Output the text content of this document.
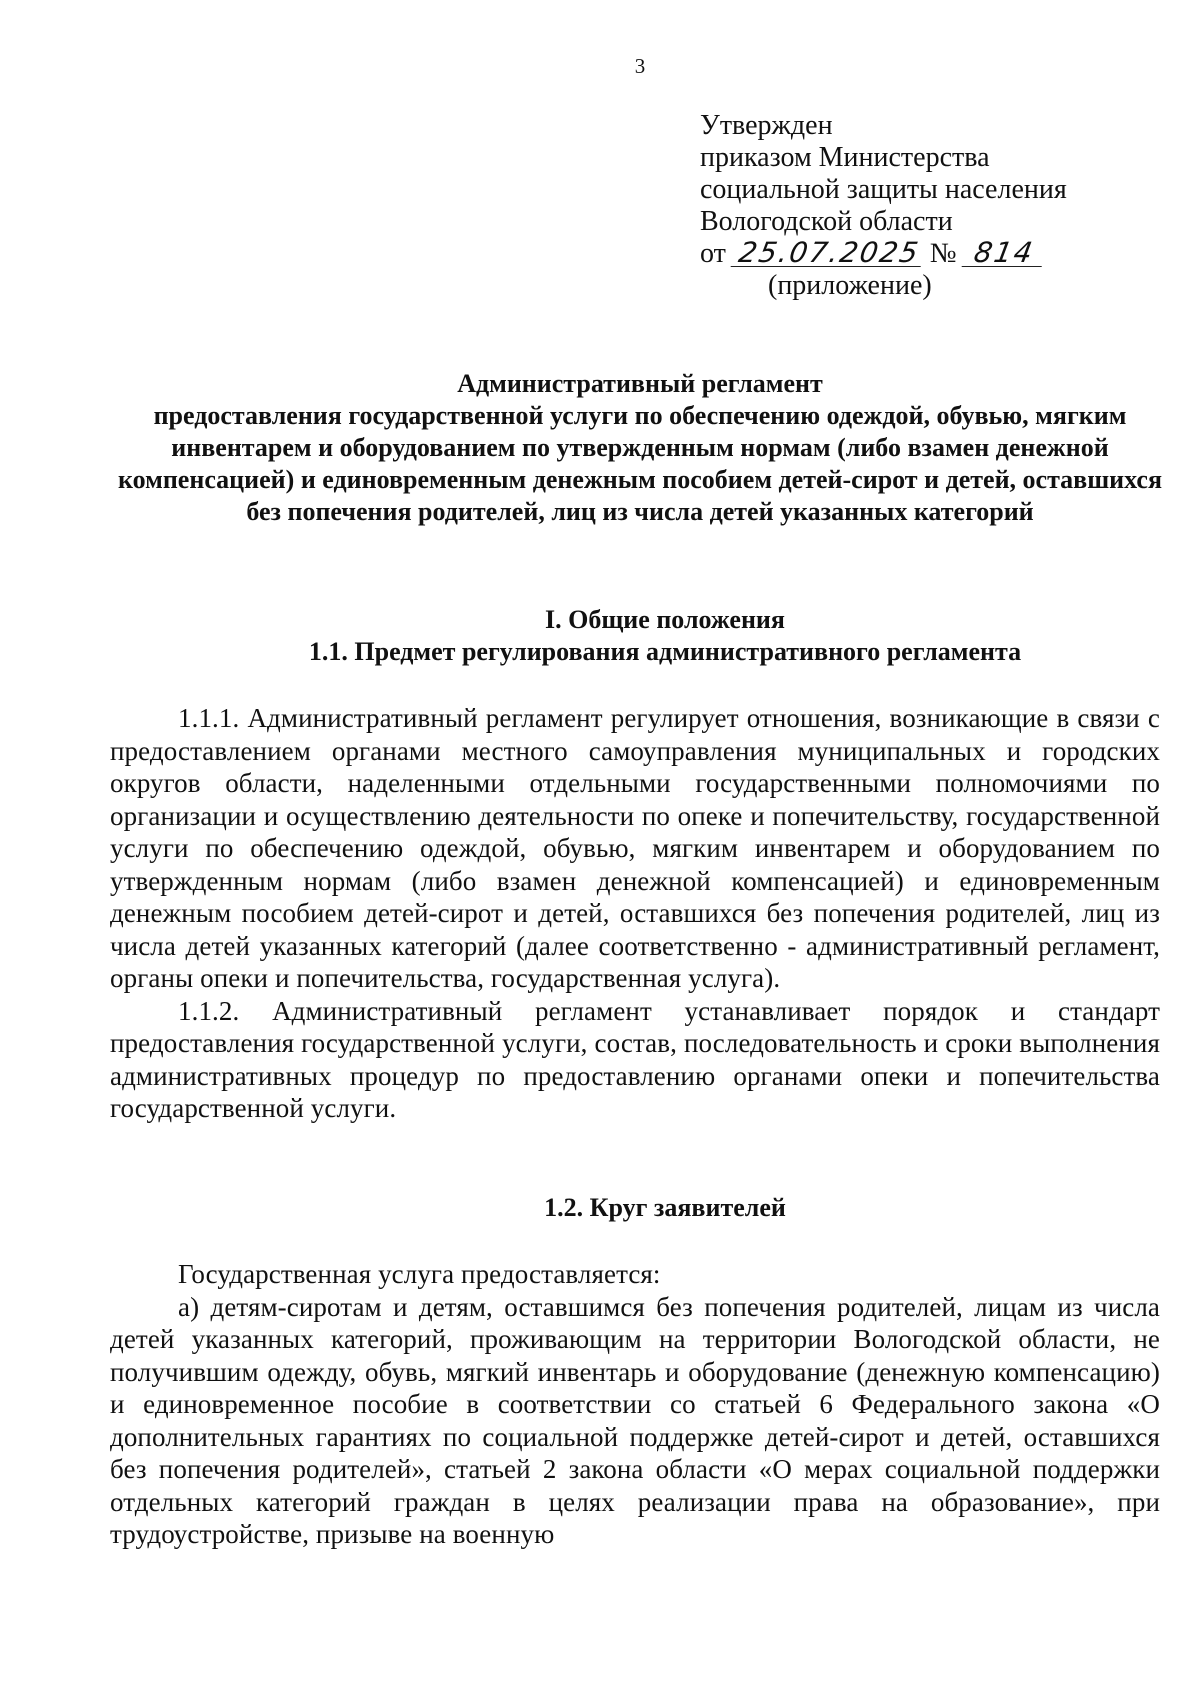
3
Утвержден
приказом Министерства
социальной защиты населения
Вологодской области
от 25.07.2025 № 814
(приложение)
Административный регламент
предоставления государственной услуги по обеспечению одеждой, обувью, мягким инвентарем и оборудованием по утвержденным нормам (либо взамен денежной компенсацией) и единовременным денежным пособием детей-сирот и детей, оставшихся без попечения родителей, лиц из числа детей указанных категорий
I. Общие положения
1.1. Предмет регулирования административного регламента

1.1.1. Административный регламент регулирует отношения, возникающие в связи с предоставлением органами местного самоуправления муниципальных и городских округов области, наделенными отдельными государственными полномочиями по организации и осуществлению деятельности по опеке и попечительству, государственной услуги по обеспечению одеждой, обувью, мягким инвентарем и оборудованием по утвержденным нормам (либо взамен денежной компенсацией) и единовременным денежным пособием детей-сирот и детей, оставшихся без попечения родителей, лиц из числа детей указанных категорий (далее соответственно - административный регламент, органы опеки и попечительства, государственная услуга).

1.1.2. Административный регламент устанавливает порядок и стандарт предоставления государственной услуги, состав, последовательность и сроки выполнения административных процедур по предоставлению органами опеки и попечительства государственной услуги.

1.2. Круг заявителей

Государственная услуга предоставляется:

а) детям-сиротам и детям, оставшимся без попечения родителей, лицам из числа детей указанных категорий, проживающим на территории Вологодской области, не получившим одежду, обувь, мягкий инвентарь и оборудование (денежную компенсацию) и единовременное пособие в соответствии со статьей 6 Федерального закона «О дополнительных гарантиях по социальной поддержке детей-сирот и детей, оставшихся без попечения родителей», статьей 2 закона области «О мерах социальной поддержки отдельных категорий граждан в целях реализации права на образование», при трудоустройстве, призыве на военную
